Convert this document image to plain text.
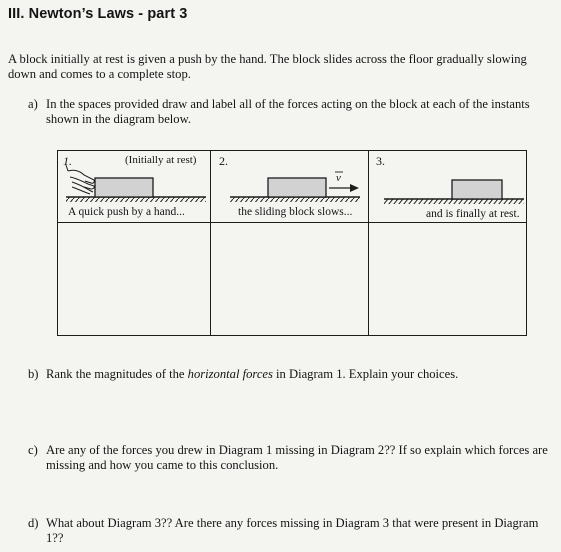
III. Newton’s Laws - part 3
A block initially at rest is given a push by the hand. The block slides across the floor gradually slowing down and comes to a complete stop.
a) In the spaces provided draw and label all of the forces acting on the block at each of the instants shown in the diagram below.
1.	(Initially at rest)
A quick push by a hand...
2.
the sliding block slows...
3.
and is finally at rest.
v
b) Rank the magnitudes of the horizontal forces in Diagram 1. Explain your choices.
c) Are any of the forces you drew in Diagram 1 missing in Diagram 2?? If so explain which forces are missing and how you came to this conclusion.
d) What about Diagram 3?? Are there any forces missing in Diagram 3 that were present in Diagram 1??
